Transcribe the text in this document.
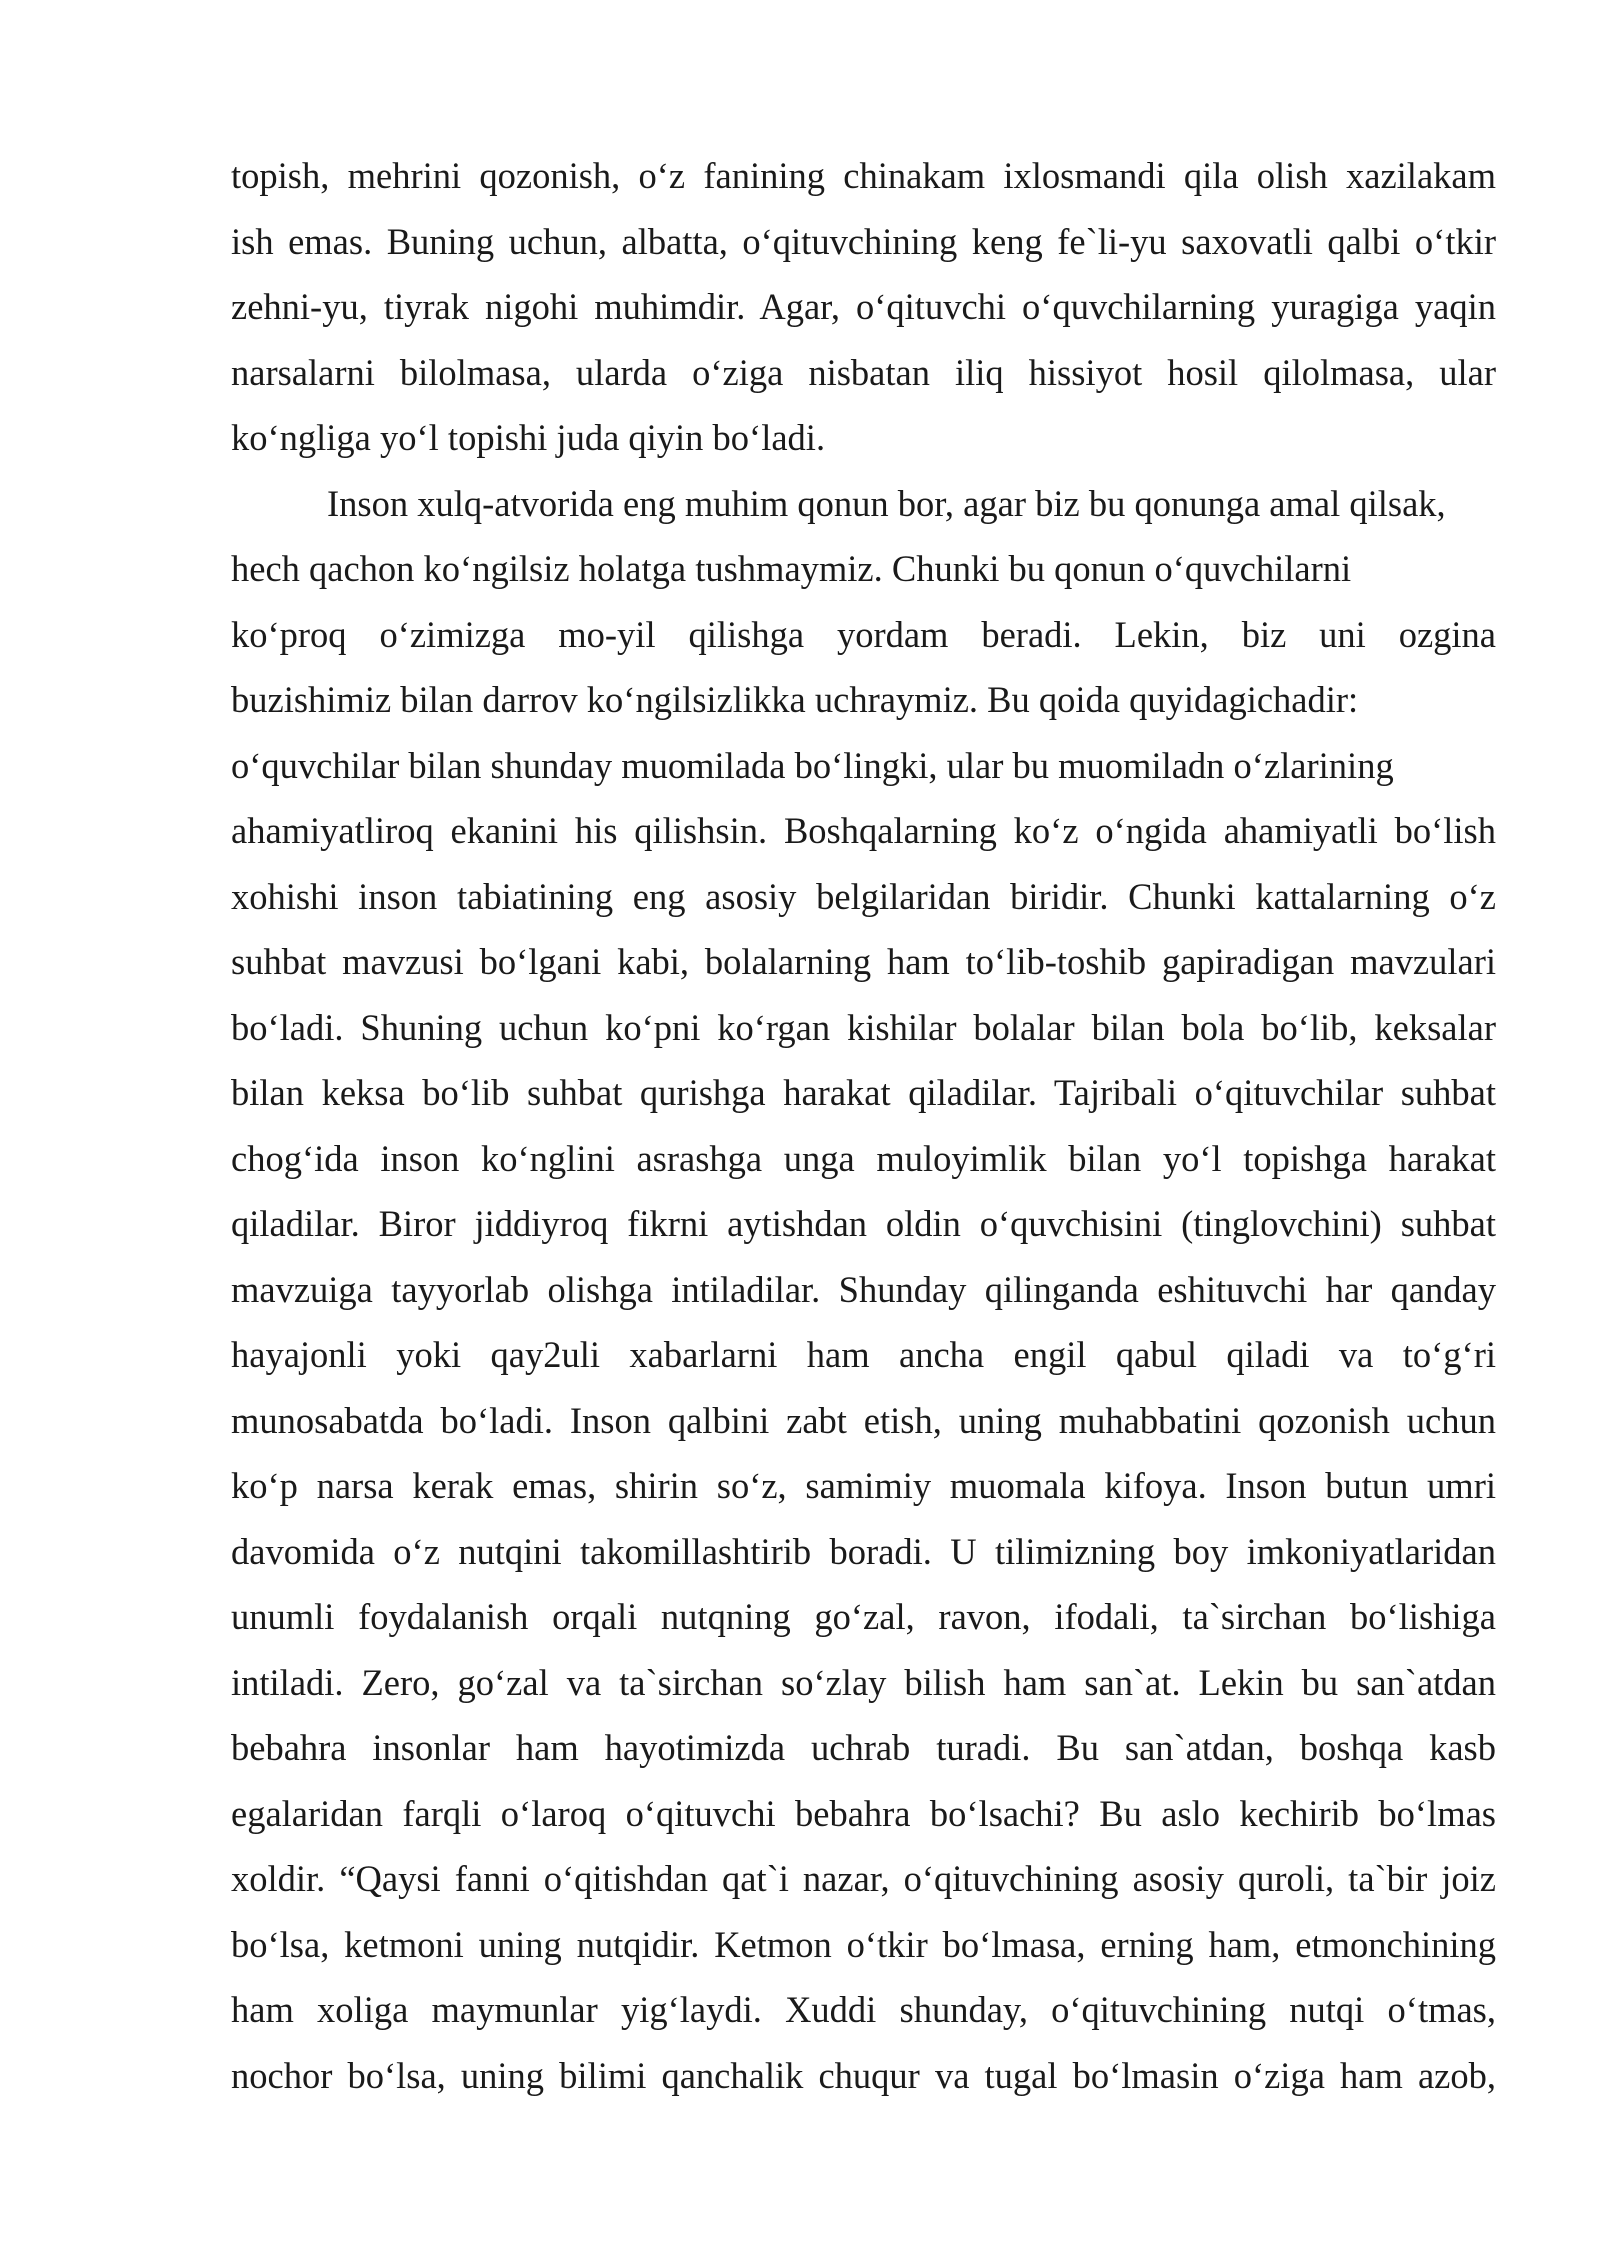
topish, mehrini qozonish, o‘z fanining chinakam ixlosmandi qila olish xazilakam
ish emas. Buning uchun, albatta, o‘qituvchining keng fe`li-yu saxovatli qalbi o‘tkir
zehni-yu, tiyrak nigohi muhimdir. Agar, o‘qituvchi o‘quvchilarning yuragiga yaqin
narsalarni bilolmasa, ularda o‘ziga nisbatan iliq hissiyot hosil qilolmasa, ular
ko‘ngliga yo‘l topishi juda qiyin bo‘ladi.
Inson xulq-atvorida eng muhim qonun bor, agar biz bu qonunga amal qilsak,
hech qachon ko‘ngilsiz holatga tushmaymiz. Chunki bu qonun o‘quvchilarni
ko‘proq o‘zimizga mo-yil qilishga yordam beradi. Lekin, biz uni ozgina
buzishimiz bilan darrov ko‘ngilsizlikka uchraymiz. Bu qoida quyidagichadir:
o‘quvchilar bilan shunday muomilada bo‘lingki, ular bu muomiladn o‘zlarining
ahamiyatliroq ekanini his qilishsin. Boshqalarning ko‘z o‘ngida ahamiyatli bo‘lish
xohishi inson tabiatining eng asosiy belgilaridan biridir. Chunki kattalarning o‘z
suhbat mavzusi bo‘lgani kabi, bolalarning ham to‘lib-toshib gapiradigan mavzulari
bo‘ladi. Shuning uchun ko‘pni ko‘rgan kishilar bolalar bilan bola bo‘lib, keksalar
bilan keksa bo‘lib suhbat qurishga harakat qiladilar. Tajribali o‘qituvchilar suhbat
chog‘ida inson ko‘nglini asrashga unga muloyimlik bilan yo‘l topishga harakat
qiladilar. Biror jiddiyroq fikrni aytishdan oldin o‘quvchisini (tinglovchini) suhbat
mavzuiga tayyorlab olishga intiladilar. Shunday qilinganda eshituvchi har qanday
hayajonli yoki qay2uli xabarlarni ham ancha engil qabul qiladi va to‘g‘ri
munosabatda bo‘ladi. Inson qalbini zabt etish, uning muhabbatini qozonish uchun
ko‘p narsa kerak emas, shirin so‘z, samimiy muomala kifoya. Inson butun umri
davomida o‘z nutqini takomillashtirib boradi. U tilimizning boy imkoniyatlaridan
unumli foydalanish orqali nutqning go‘zal, ravon, ifodali, ta`sirchan bo‘lishiga
intiladi. Zero, go‘zal va ta`sirchan so‘zlay bilish ham san`at. Lekin bu san`atdan
bebahra insonlar ham hayotimizda uchrab turadi. Bu san`atdan, boshqa kasb
egalaridan farqli o‘laroq o‘qituvchi bebahra bo‘lsachi? Bu aslo kechirib bo‘lmas
xoldir. “Qaysi fanni o‘qitishdan qat`i nazar, o‘qituvchining asosiy quroli, ta`bir joiz
bo‘lsa, ketmoni uning nutqidir. Ketmon o‘tkir bo‘lmasa, erning ham, etmonchining
ham xoliga maymunlar yig‘laydi. Xuddi shunday, o‘qituvchining nutqi o‘tmas,
nochor bo‘lsa, uning bilimi qanchalik chuqur va tugal bo‘lmasin o‘ziga ham azob,
